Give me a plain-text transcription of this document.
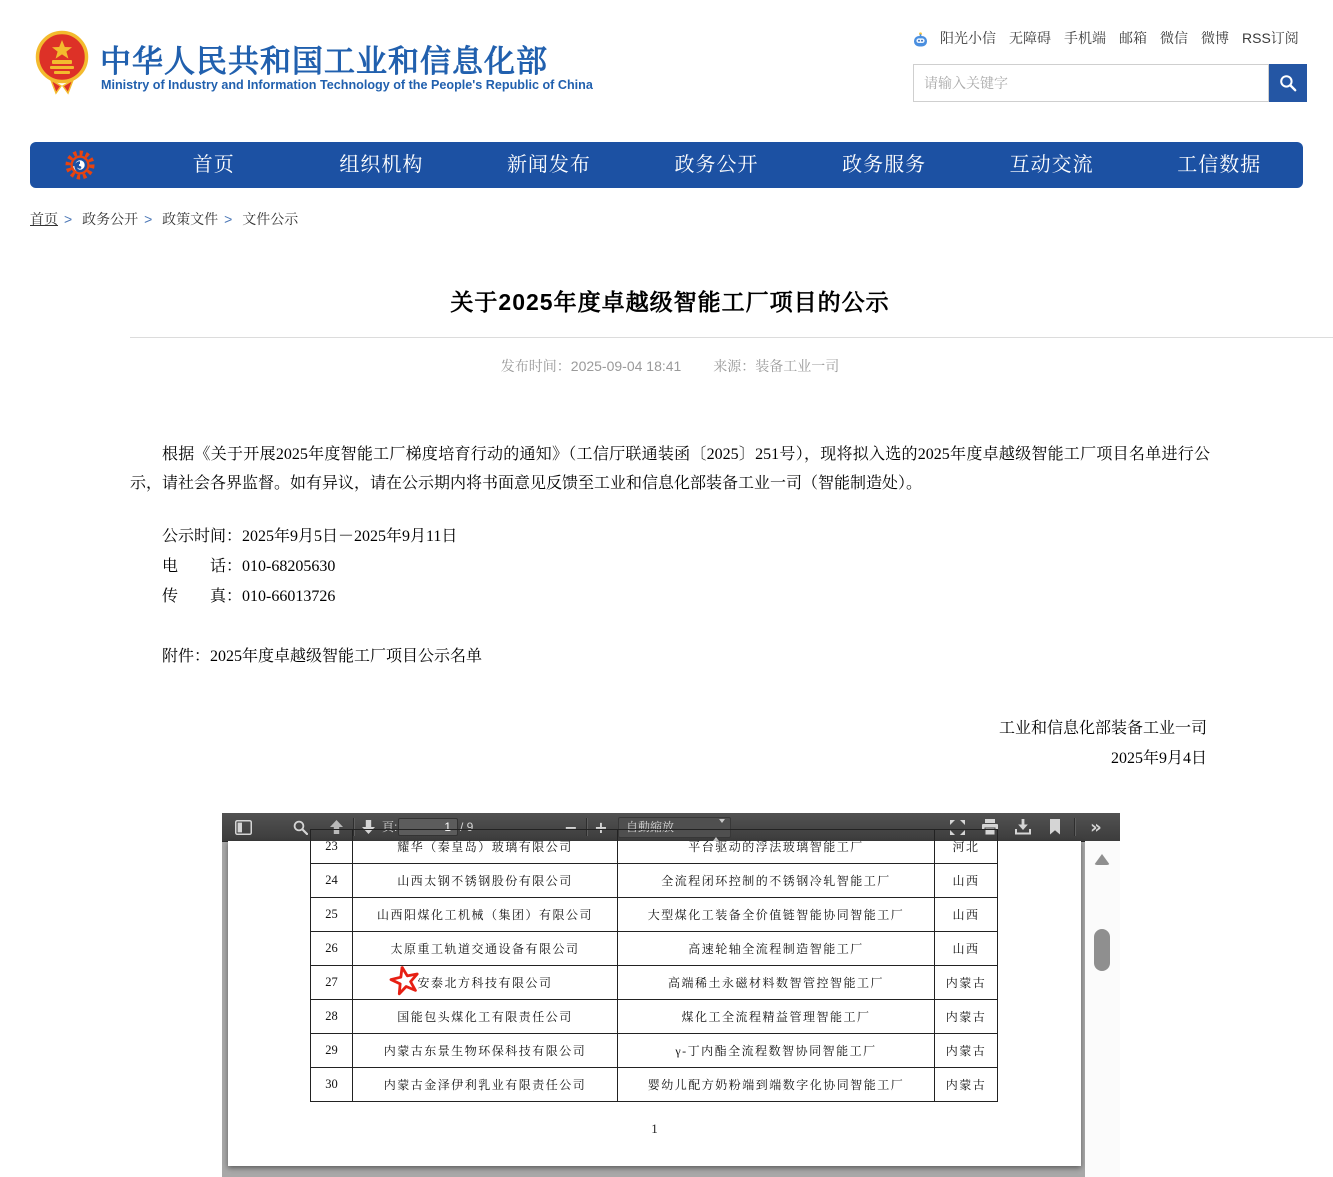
中华人民共和国工业和信息化部
Ministry of Industry and Information Technology of the People's Republic of China
阳光小信 无障碍 手机端 邮箱 微信 微博 RSS订阅
请输入关键字
首页	组织机构	新闻发布	政务公开	政务服务	互动交流	工信数据
首页 > 政务公开 > 政策文件 > 文件公示
关于2025年度卓越级智能工厂项目的公示
发布时间：2025-09-04 18:41 来源：装备工业一司
根据《关于开展2025年度智能工厂梯度培育行动的通知》（工信厅联通装函〔2025〕251号），现将拟入选的2025年度卓越级智能工厂项目名单进行公示，请社会各界监督。如有异议，请在公示期内将书面意见反馈至工业和信息化部装备工业一司（智能制造处）。
公示时间：2025年9月5日－2025年9月11日
电　　话：010-68205630
传　　真：010-66013726
附件：2025年度卓越级智能工厂项目公示名单
工业和信息化部装备工业一司
2025年9月4日
頁:
1	/ 9	− +	自動縮放	»
23	耀华（秦皇岛）玻璃有限公司	平台驱动的浮法玻璃智能工厂	河北
24	山西太钢不锈钢股份有限公司	全流程闭环控制的不锈钢冷轧智能工厂	山西
25	山西阳煤化工机械（集团）有限公司	大型煤化工装备全价值链智能协同智能工厂	山西
26	太原重工轨道交通设备有限公司	高速轮轴全流程制造智能工厂	山西
27	安泰北方科技有限公司	高端稀土永磁材料数智管控智能工厂	内蒙古
28	国能包头煤化工有限责任公司	煤化工全流程精益管理智能工厂	内蒙古
29	内蒙古东景生物环保科技有限公司	γ-丁内酯全流程数智协同智能工厂	内蒙古
30	内蒙古金泽伊利乳业有限责任公司	婴幼儿配方奶粉端到端数字化协同智能工厂	内蒙古
1
